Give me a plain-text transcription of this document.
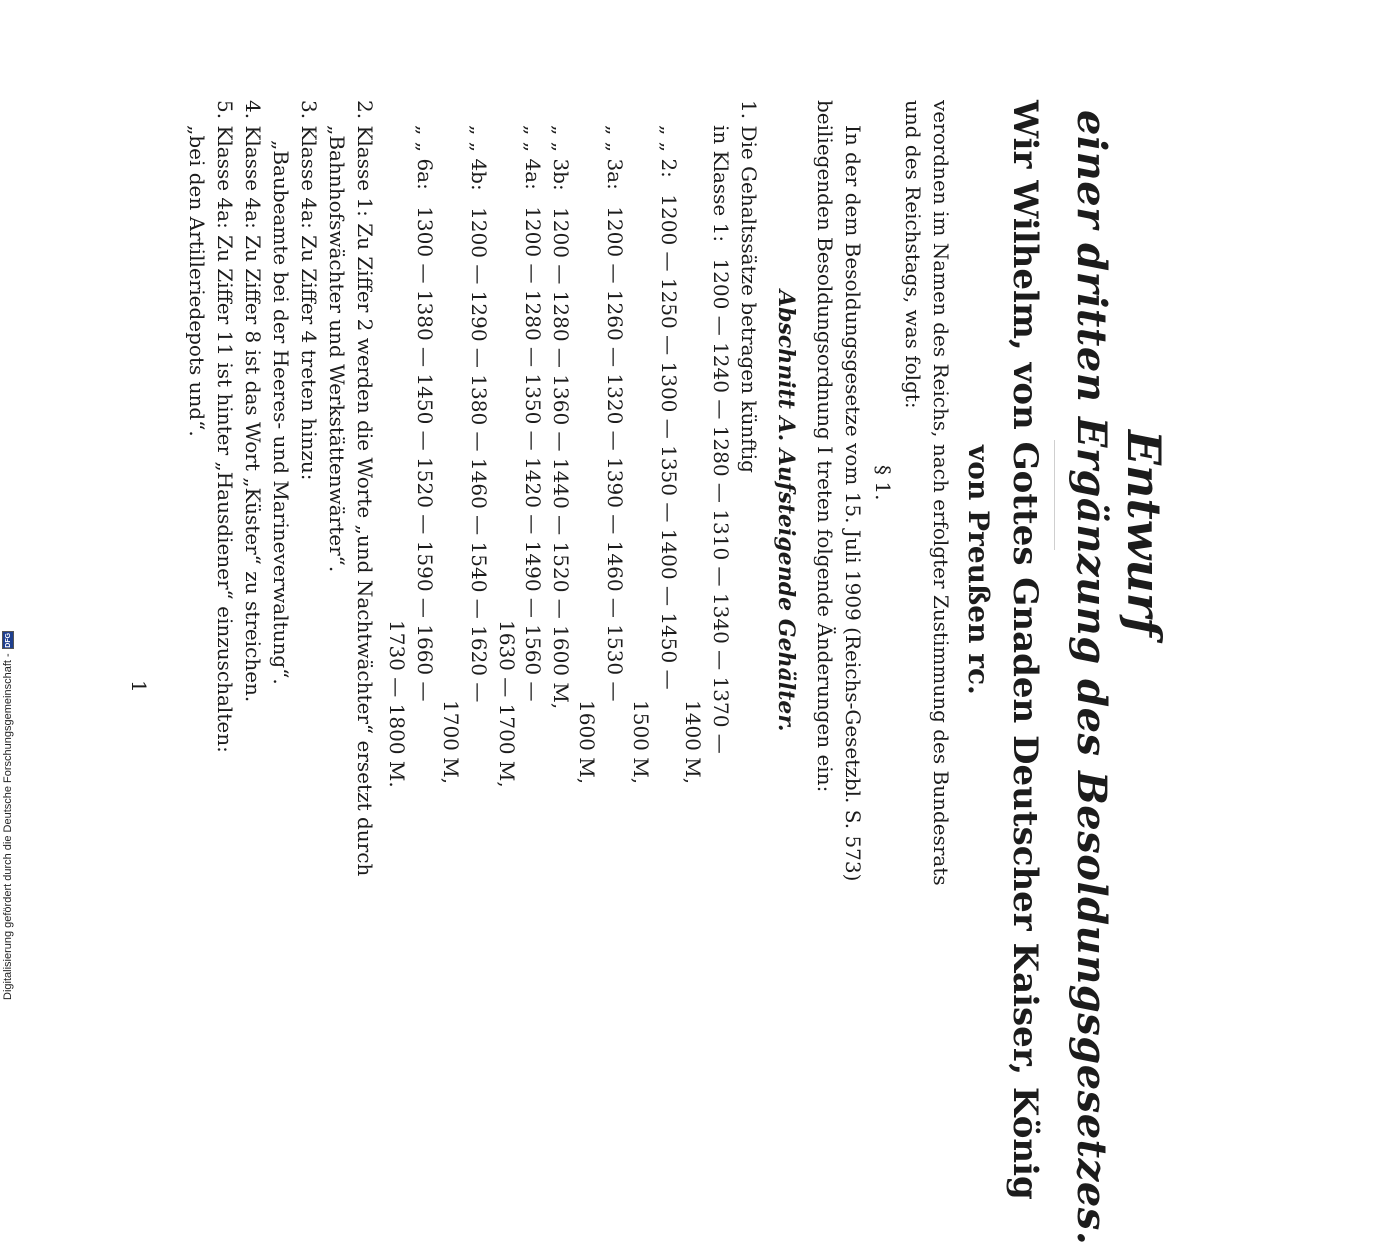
Entwurf
einer dritten Ergänzung des Besoldungsgesetzes.
Wir Wilhelm, von Gottes Gnaden Deutscher Kaiser, König
von Preußen rc.
verordnen im Namen des Reichs, nach erfolgter Zustimmung des Bundesrats
und des Reichstags, was folgt:
§ 1.
In der dem Besoldungsgesetze vom 15. Juli 1909 (Reichs-Gesetzbl. S. 573)
beiliegenden Besoldungsordnung I treten folgende Änderungen ein:
Abschnitt A. Aufsteigende Gehälter.
1. Die Gehaltssätze betragen künftig
in Klasse 1: 1200 — 1240 — 1280 — 1310 — 1340 — 1370 —
1400 M,
„ „ 2: 1200 — 1250 — 1300 — 1350 — 1400 — 1450 —
1500 M,
„ „ 3a: 1200 — 1260 — 1320 — 1390 — 1460 — 1530 —
1600 M,
„ „ 3b: 1200 — 1280 — 1360 — 1440 — 1520 — 1600 M,
„ „ 4a: 1200 — 1280 — 1350 — 1420 — 1490 — 1560 —
1630 — 1700 M,
„ „ 4b: 1200 — 1290 — 1380 — 1460 — 1540 — 1620 —
1700 M,
„ „ 6a: 1300 — 1380 — 1450 — 1520 — 1590 — 1660 —
1730 — 1800 M.
2. Klasse 1: Zu Ziffer 2 werden die Worte „und Nachtwächter“ ersetzt durch
„Bahnhofswächter und Werkstättenwärter“.
3. Klasse 4a: Zu Ziffer 4 treten hinzu:
„Baubeamte bei der Heeres- und Marineverwaltung“.
4. Klasse 4a: Zu Ziffer 8 ist das Wort „Küster“ zu streichen.
5. Klasse 4a: Zu Ziffer 11 ist hinter „Hausdiener“ einzuschalten:
„bei den Artilleriedepots und“.
1
Digitalisierung gefördert durch die Deutsche Forschungsgemeinschaft -
DFG
